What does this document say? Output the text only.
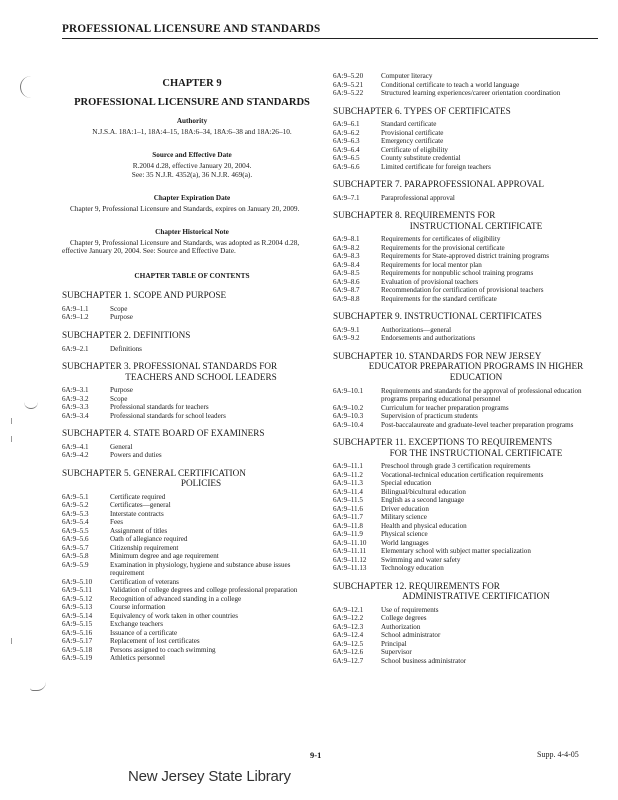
PROFESSIONAL LICENSURE AND STANDARDS
CHAPTER 9
PROFESSIONAL LICENSURE AND STANDARDS
Authority
N.J.S.A. 18A:1–1, 18A:4–15, 18A:6–34, 18A:6–38 and 18A:26–10.
Source and Effective Date
R.2004 d.28, effective January 20, 2004.
See: 35 N.J.R. 4352(a), 36 N.J.R. 469(a).
Chapter Expiration Date
Chapter 9, Professional Licensure and Standards, expires on January 20, 2009.
Chapter Historical Note
Chapter 9, Professional Licensure and Standards, was adopted as R.2004 d.28, effective January 20, 2004. See: Source and Effective Date.
CHAPTER TABLE OF CONTENTS
SUBCHAPTER 1. SCOPE AND PURPOSE
6A:9–1.1	Scope
6A:9–1.2	Purpose
SUBCHAPTER 2. DEFINITIONS
6A:9–2.1	Definitions
SUBCHAPTER 3. PROFESSIONAL STANDARDS FOR
TEACHERS AND SCHOOL LEADERS
6A:9–3.1	Purpose
6A:9–3.2	Scope
6A:9–3.3	Professional standards for teachers
6A:9–3.4	Professional standards for school leaders
SUBCHAPTER 4. STATE BOARD OF EXAMINERS
6A:9–4.1	General
6A:9–4.2	Powers and duties
SUBCHAPTER 5. GENERAL CERTIFICATION
POLICIES
6A:9–5.1	Certificate required
6A:9–5.2	Certificates—general
6A:9–5.3	Interstate contracts
6A:9–5.4	Fees
6A:9–5.5	Assignment of titles
6A:9–5.6	Oath of allegiance required
6A:9–5.7	Citizenship requirement
6A:9–5.8	Minimum degree and age requirement
6A:9–5.9	Examination in physiology, hygiene and substance abuse issues requirement
6A:9–5.10	Certification of veterans
6A:9–5.11	Validation of college degrees and college professional preparation
6A:9–5.12	Recognition of advanced standing in a college
6A:9–5.13	Course information
6A:9–5.14	Equivalency of work taken in other countries
6A:9–5.15	Exchange teachers
6A:9–5.16	Issuance of a certificate
6A:9–5.17	Replacement of lost certificates
6A:9–5.18	Persons assigned to coach swimming
6A:9–5.19	Athletics personnel
6A:9–5.20	Computer literacy
6A:9–5.21	Conditional certificate to teach a world language
6A:9–5.22	Structured learning experiences/career orientation coordination
SUBCHAPTER 6. TYPES OF CERTIFICATES
6A:9–6.1	Standard certificate
6A:9–6.2	Provisional certificate
6A:9–6.3	Emergency certificate
6A:9–6.4	Certificate of eligibility
6A:9–6.5	County substitute credential
6A:9–6.6	Limited certificate for foreign teachers
SUBCHAPTER 7. PARAPROFESSIONAL APPROVAL
6A:9–7.1	Paraprofessional approval
SUBCHAPTER 8. REQUIREMENTS FOR
INSTRUCTIONAL CERTIFICATE
6A:9–8.1	Requirements for certificates of eligibility
6A:9–8.2	Requirements for the provisional certificate
6A:9–8.3	Requirements for State-approved district training programs
6A:9–8.4	Requirements for local mentor plan
6A:9–8.5	Requirements for nonpublic school training programs
6A:9–8.6	Evaluation of provisional teachers
6A:9–8.7	Recommendation for certification of provisional teachers
6A:9–8.8	Requirements for the standard certificate
SUBCHAPTER 9. INSTRUCTIONAL CERTIFICATES
6A:9–9.1	Authorizations—general
6A:9–9.2	Endorsements and authorizations
SUBCHAPTER 10. STANDARDS FOR NEW JERSEY
EDUCATOR PREPARATION PROGRAMS IN HIGHER EDUCATION
6A:9–10.1	Requirements and standards for the approval of professional education programs preparing educational personnel
6A:9–10.2	Curriculum for teacher preparation programs
6A:9–10.3	Supervision of practicum students
6A:9–10.4	Post-baccalaureate and graduate-level teacher preparation programs
SUBCHAPTER 11. EXCEPTIONS TO REQUIREMENTS
FOR THE INSTRUCTIONAL CERTIFICATE
6A:9–11.1	Preschool through grade 3 certification requirements
6A:9–11.2	Vocational-technical education certification requirements
6A:9–11.3	Special education
6A:9–11.4	Bilingual/bicultural education
6A:9–11.5	English as a second language
6A:9–11.6	Driver education
6A:9–11.7	Military science
6A:9–11.8	Health and physical education
6A:9–11.9	Physical science
6A:9–11.10	World languages
6A:9–11.11	Elementary school with subject matter specialization
6A:9–11.12	Swimming and water safety
6A:9–11.13	Technology education
SUBCHAPTER 12. REQUIREMENTS FOR
ADMINISTRATIVE CERTIFICATION
6A:9–12.1	Use of requirements
6A:9–12.2	College degrees
6A:9–12.3	Authorization
6A:9–12.4	School administrator
6A:9–12.5	Principal
6A:9–12.6	Supervisor
6A:9–12.7	School business administrator
9-1	Supp. 4-4-05
New Jersey State Library
